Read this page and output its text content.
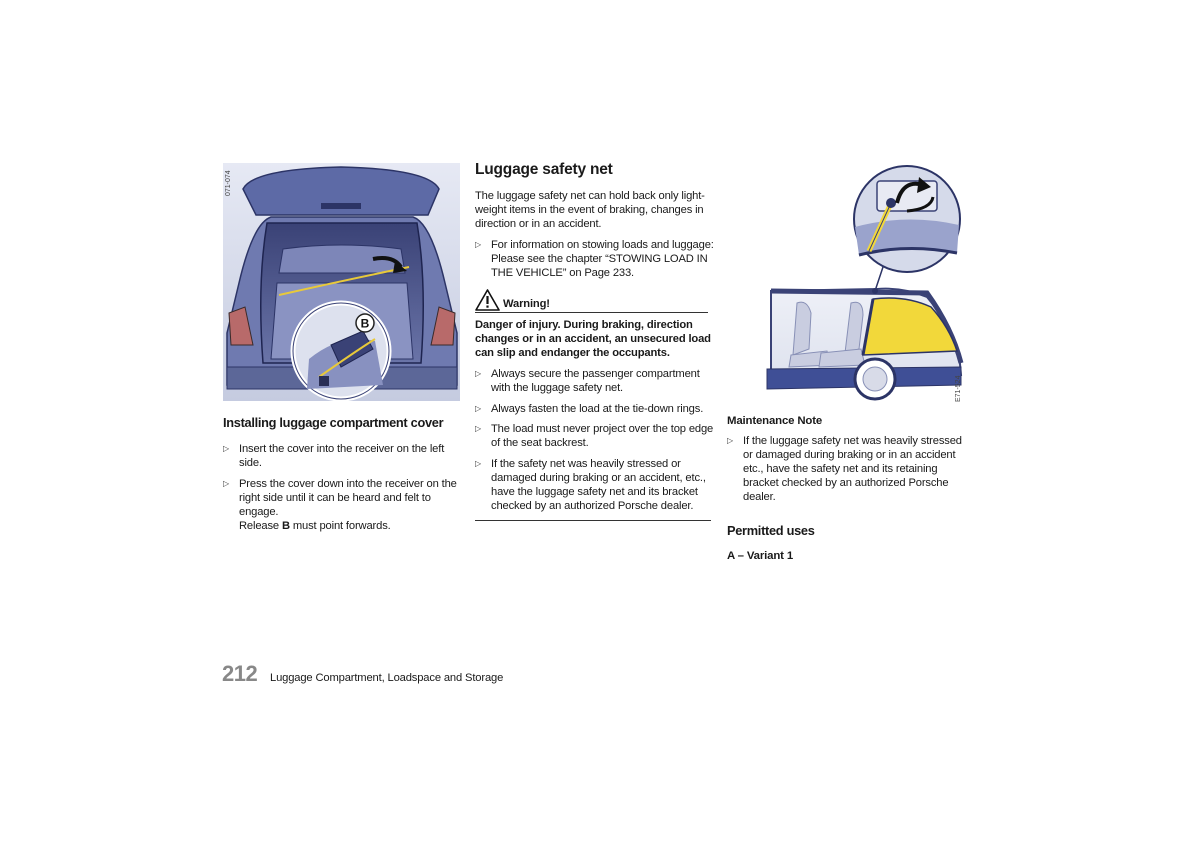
B
071-074
Installing luggage compartment cover
▷ Insert the cover into the receiver on the left side.
▷ Press the cover down into the receiver on the right side until it can be heard and felt to engage.
Release B must point forwards.
Luggage safety net
The luggage safety net can hold back only light-weight items in the event of braking, changes in direction or in an accident.
▷ For information on stowing loads and luggage: Please see the chapter “STOWING LOAD IN THE VEHICLE” on Page 233.
Warning!
Danger of injury. During braking, direction changes or in an accident, an unsecured load can slip and endanger the occupants.
▷ Always secure the passenger compartment with the luggage safety net.
▷ Always fasten the load at the tie-down rings.
▷ The load must never project over the top edge of the seat backrest.
▷ If the safety net was heavily stressed or damaged during braking or an accident, etc., have the luggage safety net and its bracket checked by an authorized Porsche dealer.
E71-524
Maintenance Note
▷ If the luggage safety net was heavily stressed or damaged during braking or in an accident etc., have the safety net and its retaining bracket checked by an authorized Porsche dealer.
Permitted uses
A – Variant 1
212 Luggage Compartment, Loadspace and Storage
